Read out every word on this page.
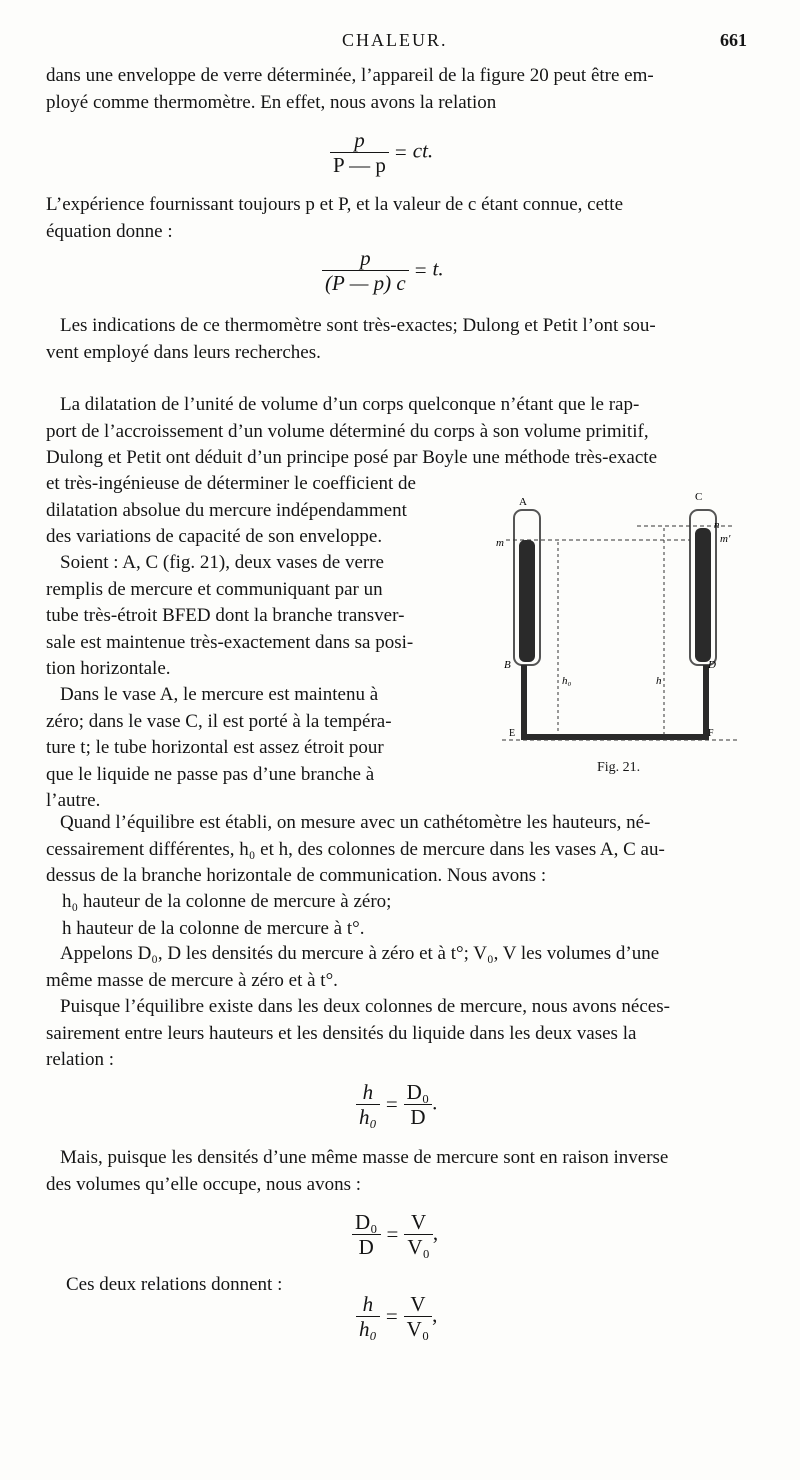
CHALEUR.	661

dans une enveloppe de verre déterminée, l’appareil de la figure 20 peut être em-
ployé comme thermomètre. En effet, nous avons la relation

$\frac{p}{P — p}$ = ct.

L’expérience fournissant toujours p et P, et la valeur de c étant connue, cette
équation donne :

$\frac{p}{(P — p) c} = t$.

Les indications de ce thermomètre sont très-exactes; Dulong et Petit l’ont sou-
vent employé dans leurs recherches.

La dilatation de l’unité de volume d’un corps quelconque n’étant que le rap-
port de l’accroissement d’un volume déterminé du corps à son volume primitif,
Dulong et Petit ont déduit d’un principe posé par Boyle une méthode très-exacte

et très-ingénieuse de déterminer le coefficient de
dilatation absolue du mercure indépendamment
des variations de capacité de son enveloppe.

Soient : A, C (fig. 21), deux vases de verre
remplis de mercure et communiquant par un
tube très-étroit BFED dont la branche transver-
sale est maintenue très-exactement dans sa posi-
tion horizontale.

Dans le vase A, le mercure est maintenu à
zéro; dans le vase C, il est porté à la tempéra-
ture t; le tube horizontal est assez étroit pour
que le liquide ne passe pas d’une branche à
l’autre.

A	C
m	m′
n
B	D
E	F
h₀	h
Fig. 21.

Quand l’équilibre est établi, on mesure avec un cathétomètre les hauteurs, né-
cessairement différentes, h₀ et h, des colonnes de mercure dans les vases A, C au-
dessus de la branche horizontale de communication. Nous avons :

h₀ hauteur de la colonne de mercure à zéro;
h hauteur de la colonne de mercure à t°.

Appelons D₀, D les densités du mercure à zéro et à t°; V₀, V les volumes d’une
même masse de mercure à zéro et à t°.

Puisque l’équilibre existe dans les deux colonnes de mercure, nous avons néces-
sairement entre leurs hauteurs et les densités du liquide dans les deux vases la
relation :

$\frac{h}{\text{h₀}} = \frac{\text{D₀}}{D}$ .

Mais, puisque les densités d’une même masse de mercure sont en raison inverse
des volumes qu’elle occupe, nous avons :

$\frac{\text{D₀}}{D} = \frac{V}{\text{V₀}}$ ,

Ces deux relations donnent :

$\frac{h}{\text{h₀}} = \frac{V}{\text{V₀}}$ ,
